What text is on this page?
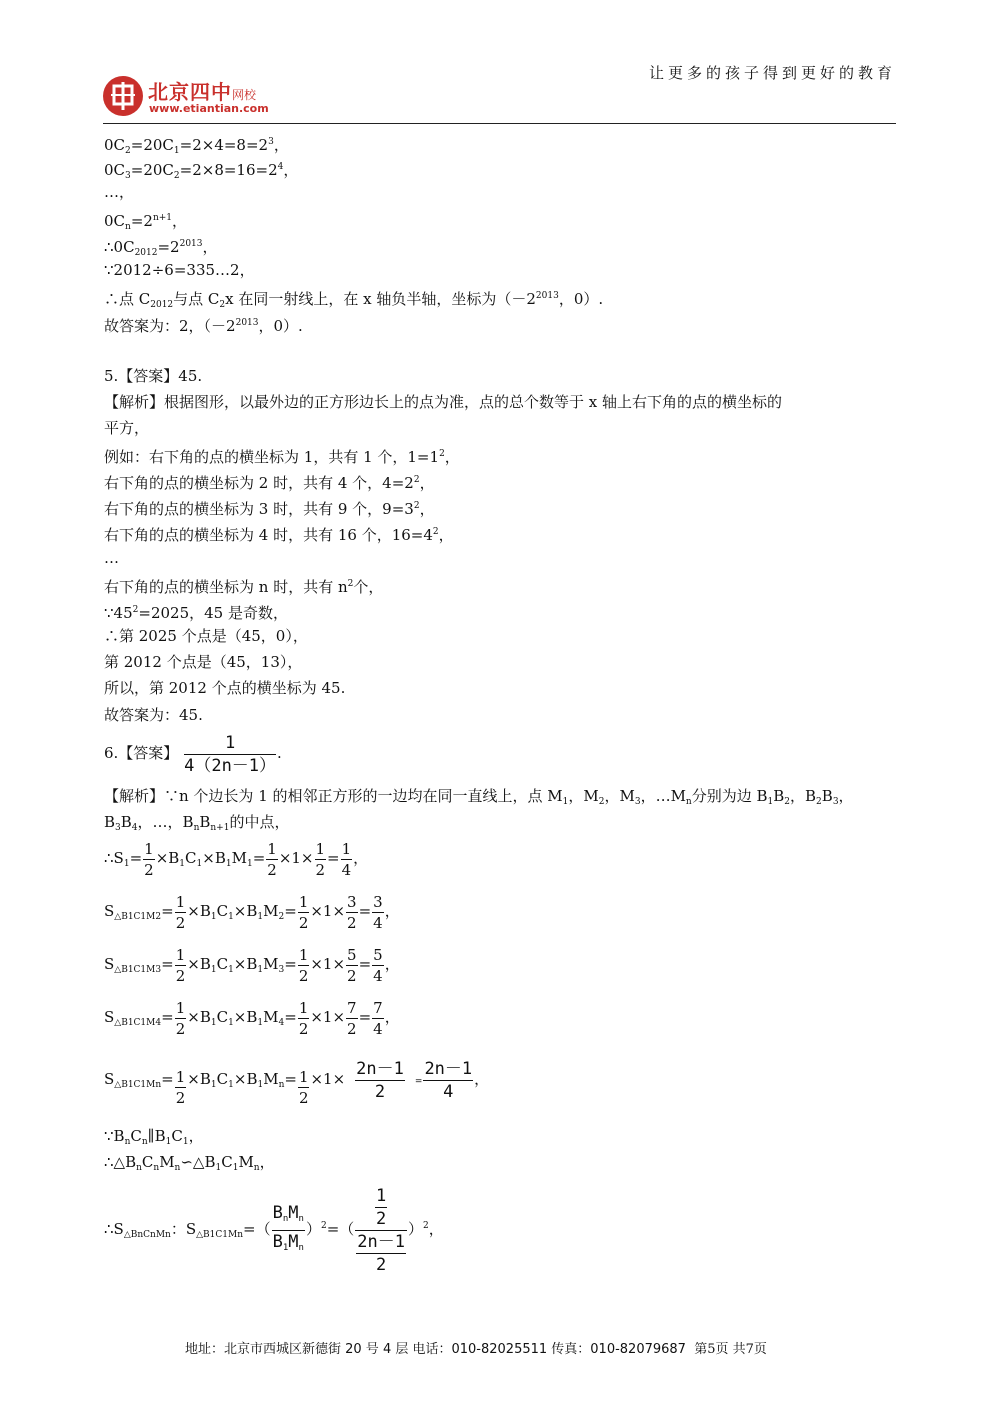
让更多的孩子得到更好的教育
北京四中网校
www.etiantian.com
$0C_2=20C_1=2\times 4=8=2^3$，
$0C_3=20C_2=2\times 8=16=2^4$，
…，
$0C_n=2^{n+1}$，
$\therefore 0C_{2012}=2^{2013}$，
∵2012÷6=335…2，
∴点 $C_{2012}$与点 $C_2x$ 在同一射线上，在 x 轴负半轴，坐标为（$-2^{2013}$，0）.
故答案为：2，（$-2^{2013}$，0）.
5.【答案】45.
【解析】根据图形，以最外边的正方形边长上的点为准，点的总个数等于 x 轴上右下角的点的横坐标的
平方，
例如：右下角的点的横坐标为 1，共有 1 个，$1=1^2$，
右下角的点的横坐标为 2 时，共有 4 个，$4=2^2$，
右下角的点的横坐标为 3 时，共有 9 个，$9=3^2$，
右下角的点的横坐标为 4 时，共有 16 个，$16=4^2$，
…
右下角的点的横坐标为 n 时，共有 $n^2$个，
$\because 45^2=2025$，45 是奇数，
∴第 2025 个点是（45，0），
第 2012 个点是（45，13），
所以，第 2012 个点的横坐标为 45.
故答案为：45.
6.【答案】 $\frac{1}{4(2n-1)}$ .
【解析】∵n 个边长为 1 的相邻正方形的一边均在同一直线上，点 $M_1$，$M_2$，$M_3$，$\dots M_n$分别为边 $B_1B_2$，$B_2B_3$，
$B_3B_4$，…，$B_nB_{n+1}$的中点，
$\therefore S_1= \frac{1}{2} \times B_1C_1\times B_1M_1= \frac{1}{2} \times 1\times \frac{1}{2} = \frac{1}{4}$ ，
$S_{\triangle B1C1M2}= \frac{1}{2} \times B_1C_1\times B_1M_2= \frac{1}{2} \times 1\times \frac{3}{2} = \frac{3}{4}$ ，
$S_{\triangle B1C1M3}= \frac{1}{2} \times B_1C_1\times B_1M_3= \frac{1}{2} \times 1\times \frac{5}{2} = \frac{5}{4}$ ，
$S_{\triangle B1C1M4}= \frac{1}{2} \times B_1C_1\times B_1M_4= \frac{1}{2} \times 1\times \frac{7}{2} = \frac{7}{4}$ ，
$S_{\triangle B1C1Mn}= \frac{1}{2} \times B_1C_1\times B_1M_n= \frac{1}{2} \times 1\times \frac{2n-1}{2} = \frac{2n-1}{4}$ ，
$\because B_nC_n\parallel B_1C_1$，
$\therefore\triangle B_nC_nM_n∽\triangle B_1C_1M_n$，
$\therefore S_{\triangle BnCnMn}$：$S_{\triangle B1C1Mn}=( \frac{B_nM_n}{B_1M_n} )^2=( \frac{\frac{1}{2}}{\frac{2n-1}{2}} )^2$，
地址：北京市西城区新德街 20 号 4 层 电话：010-82025511 传真：010-82079687 第5页 共7页
